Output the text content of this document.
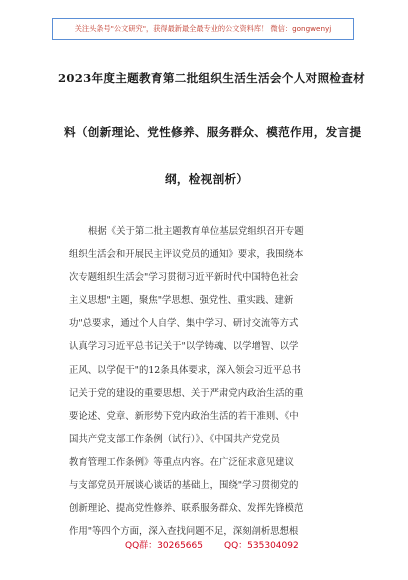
关注头条号"公文研究"，获得最新最全最专业的公文资料库！ 微信：gongwenyj
2023年度主题教育第二批组织生活生活会个人对照检查材
料（创新理论、党性修养、服务群众、模范作用，发言提
纲，检视剖析）
根据《关于第二批主题教育单位基层党组织召开专题
组织生活会和开展民主评议党员的通知》要求，我围绕本
次专题组织生活会"学习贯彻习近平新时代中国特色社会
主义思想"主题，聚焦"学思想、强党性、重实践、建新
功"总要求，通过个人自学、集中学习、研讨交流等方式
认真学习习近平总书记关于"以学铸魂、以学增智、以学
正风、以学促干"的12条具体要求，深入领会习近平总书
记关于党的建设的重要思想、关于严肃党内政治生活的重
要论述、党章、新形势下党内政治生活的若干准则、《中
国共产党支部工作条例（试行）》、《中国共产党党员
教育管理工作条例》等重点内容。在广泛征求意见建议
与支部党员开展谈心谈话的基础上，围绕"学习贯彻党的
创新理论、提高党性修养、联系服务群众、发挥先锋模范
作用"等四个方面，深入查找问题不足，深刻剖析思想根
QQ群：30265665 QQ：535304092
